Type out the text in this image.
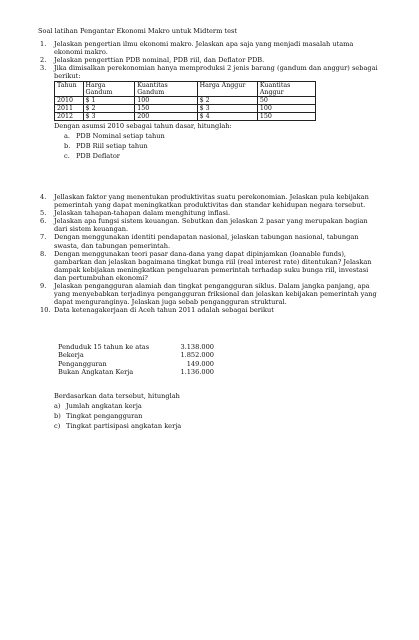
Soal latihan Pengantar Ekonomi Makro untuk Midterm test
1. Jelaskan pengertian ilmu ekonomi makro. Jelaskan apa saja yang menjadi masalah utama ekonomi makro.
2. Jelaskan pengerttian PDB nominal, PDB riil, dan Deflator PDB.
3. Jika dimisalkan perekonomian hanya memproduksi 2 jenis barang (gandum dan anggur) sebagai berikut:
Tahun	Harga Gandum	Kuantitas Gandum	Harga Anggur	Kuantitas Anggur
2010	$ 1	100	$ 2	50
2011	$ 2	150	$ 3	100
2012	$ 3	200	$ 4	150
Dengan asumsi 2010 sebagai tahun dasar, hitunglah:
a. PDB Nominal setiap tahun
b. PDB Riil setiap tahun
c. PDB Deflator
4. Jellaskan faktor yang menentukan produktivitas suatu perekonomian. Jelaskan pula kebijakan pemerintah yang dapat meningkatkan produktivitas dan standar kehidupan negara tersebut.
5. Jelaskan tahapan-tahapan dalam menghitung inflasi.
6. Jelaskan apa fungsi sistem keuangan. Sebutkan dan jelaskan 2 pasar yang merupakan bagian dari sistem keuangan.
7. Dengan menggunakan identiti pendapatan nasional, jelaskan tabungan nasional, tabungan swasta, dan tabungan pemerintah.
8. Dengan menggunakan teori pasar dana-dana yang dapat dipinjamkan (loanable funds), gambarkan dan jelaskan bagaimana tingkat bunga riil (real interest rate) ditentukan? Jelaskan dampak kebijakan meningkatkan pengeluaran pemerintah terhadap suku bunga riil, investasi dan pertumbuhan ekonomi?
9. Jelaskan pengangguran alamiah dan tingkat pengangguran siklus. Dalam jangka panjang, apa yang menyebabkan terjadinya pengangguran friksional dan jelaskan kebijakan pemerintah yang dapat menguranginya. Jelaskan juga sebab pengangguran struktural.
10. Data ketenagakerjaan di Aceh tahun 2011 adalah sebagai berikut
Penduduk 15 tahun ke atas	3.138.000
Bekerja	1.852.000
Pengangguran	149.000
Bukan Angkatan Kerja	1.136.000
Berdasarkan data tersebut, hitunglah
a) Jumlah angkatan kerja
b) Tingkat pengangguran
c) Tingkat partisipasi angkatan kerja
